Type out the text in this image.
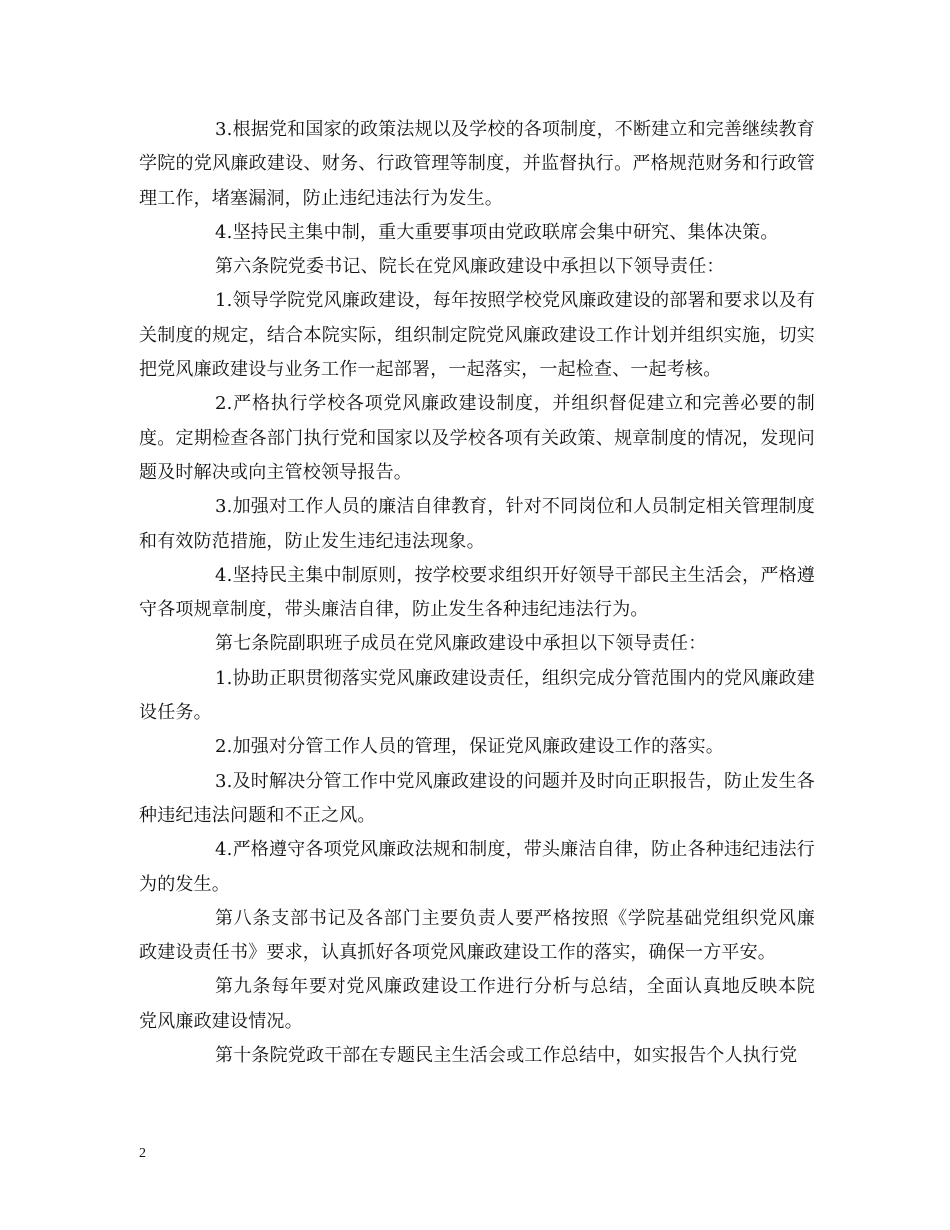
3.根据党和国家的政策法规以及学校的各项制度，不断建立和完善继续教育学院的党风廉政建设、财务、行政管理等制度，并监督执行。严格规范财务和行政管理工作，堵塞漏洞，防止违纪违法行为发生。

4.坚持民主集中制，重大重要事项由党政联席会集中研究、集体决策。

第六条院党委书记、院长在党风廉政建设中承担以下领导责任：

1.领导学院党风廉政建设，每年按照学校党风廉政建设的部署和要求以及有关制度的规定，结合本院实际，组织制定院党风廉政建设工作计划并组织实施，切实把党风廉政建设与业务工作一起部署，一起落实，一起检查、一起考核。

2.严格执行学校各项党风廉政建设制度，并组织督促建立和完善必要的制度。定期检查各部门执行党和国家以及学校各项有关政策、规章制度的情况，发现问题及时解决或向主管校领导报告。

3.加强对工作人员的廉洁自律教育，针对不同岗位和人员制定相关管理制度和有效防范措施，防止发生违纪违法现象。

4.坚持民主集中制原则，按学校要求组织开好领导干部民主生活会，严格遵守各项规章制度，带头廉洁自律，防止发生各种违纪违法行为。

第七条院副职班子成员在党风廉政建设中承担以下领导责任：

1.协助正职贯彻落实党风廉政建设责任，组织完成分管范围内的党风廉政建设任务。

2.加强对分管工作人员的管理，保证党风廉政建设工作的落实。

3.及时解决分管工作中党风廉政建设的问题并及时向正职报告，防止发生各种违纪违法问题和不正之风。

4.严格遵守各项党风廉政法规和制度，带头廉洁自律，防止各种违纪违法行为的发生。

第八条支部书记及各部门主要负责人要严格按照《学院基础党组织党风廉政建设责任书》要求，认真抓好各项党风廉政建设工作的落实，确保一方平安。

第九条每年要对党风廉政建设工作进行分析与总结，全面认真地反映本院党风廉政建设情况。

第十条院党政干部在专题民主生活会或工作总结中，如实报告个人执行党

2
